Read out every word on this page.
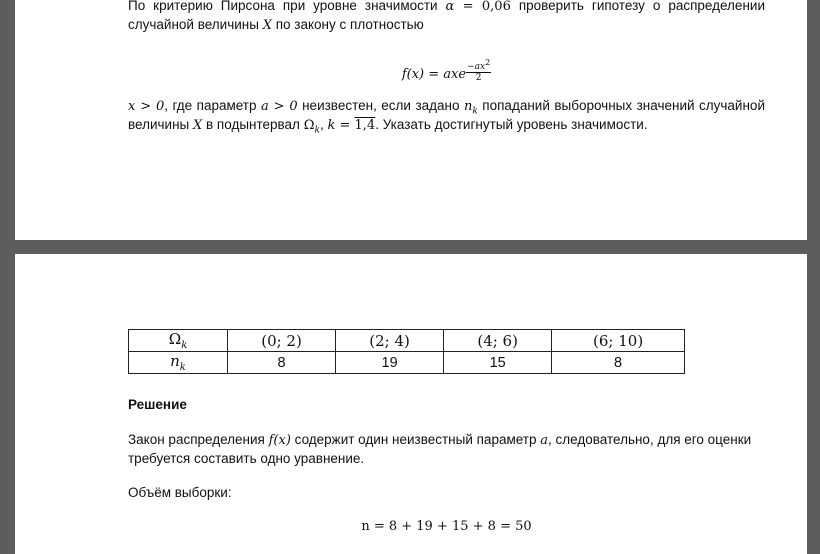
По критерию Пирсона при уровне значимости α = 0,06 проверить гипотезу о распределении

случайной величины X по закону с плотностью

f(x) = axe $\frac{-ax^2}{2}$

x > 0, где параметр a > 0 неизвестен, если задано $n_k$ попаданий выборочных значений случайной

величины X в подынтервал $\Omega_k$, k = 1,4. Указать достигнутый уровень значимости.

$\Omega_k$	(0; 2)	(2; 4)	(4; 6)	(6; 10)
$n_k$	8	19	15	8

Решение

Закон распределения f(x) содержит один неизвестный параметр a, следовательно, для его оценки

требуется составить одно уравнение.

Объём выборки:

n = 8 + 19 + 15 + 8 = 50
